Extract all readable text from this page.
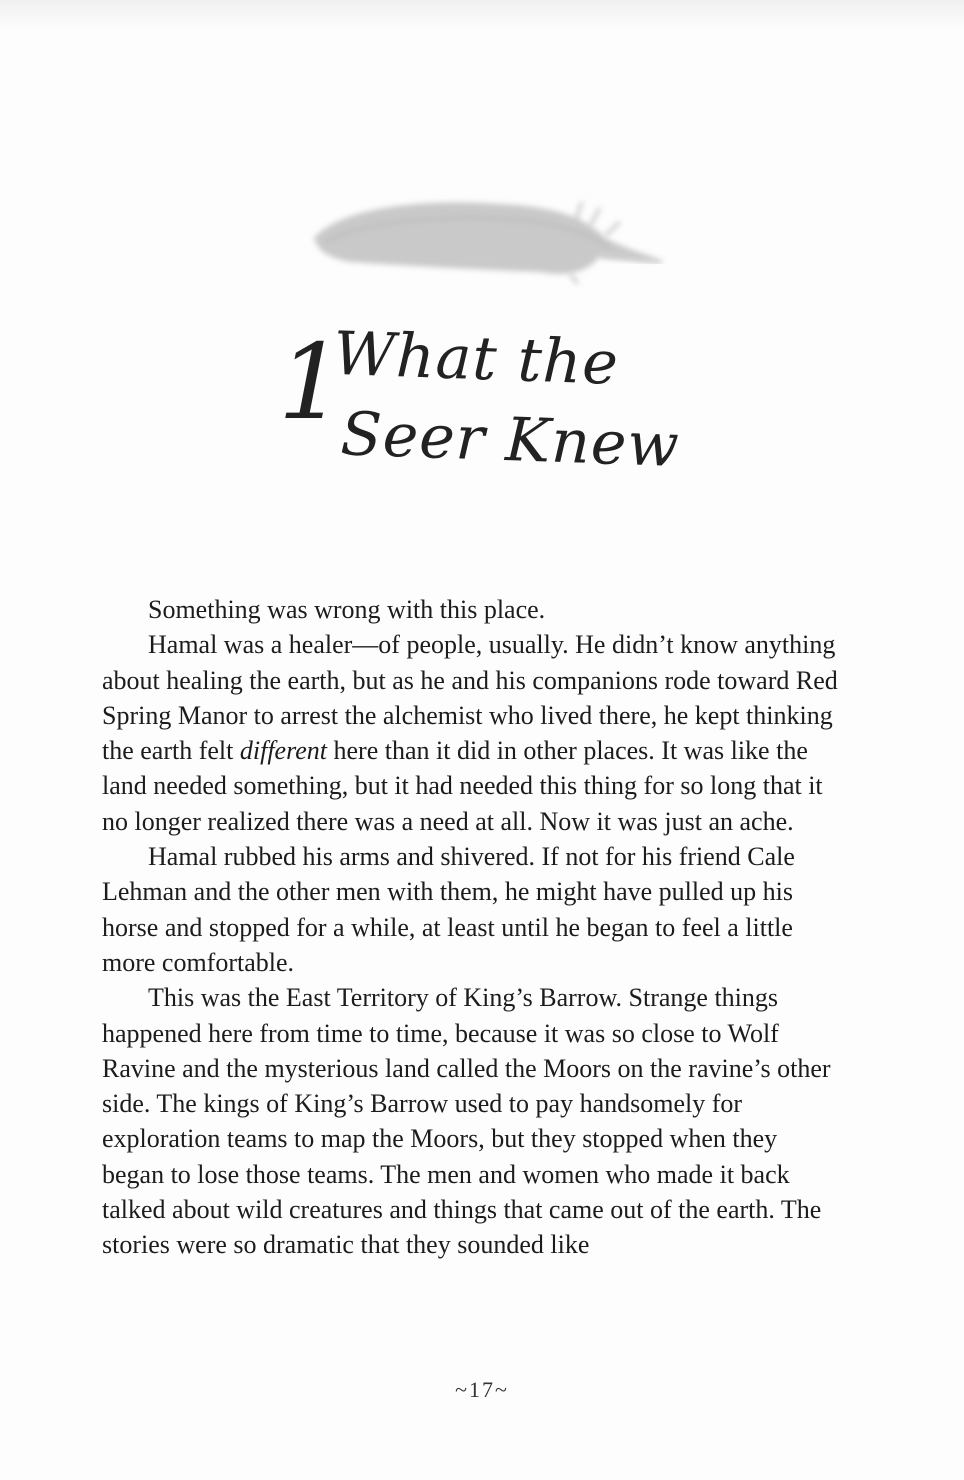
1
What the
Seer Knew

Something was wrong with this place.

Hamal was a healer—of people, usually. He didn’t know anything about healing the earth, but as he and his companions rode toward Red Spring Manor to arrest the alchemist who lived there, he kept thinking the earth felt different here than it did in other places. It was like the land needed something, but it had needed this thing for so long that it no longer realized there was a need at all. Now it was just an ache.

Hamal rubbed his arms and shivered. If not for his friend Cale Lehman and the other men with them, he might have pulled up his horse and stopped for a while, at least until he began to feel a little more comfortable.

This was the East Territory of King’s Barrow. Strange things happened here from time to time, because it was so close to Wolf Ravine and the mysterious land called the Moors on the ravine’s other side. The kings of King’s Barrow used to pay handsomely for exploration teams to map the Moors, but they stopped when they began to lose those teams. The men and women who made it back talked about wild creatures and things that came out of the earth. The stories were so dramatic that they sounded like

~17~
